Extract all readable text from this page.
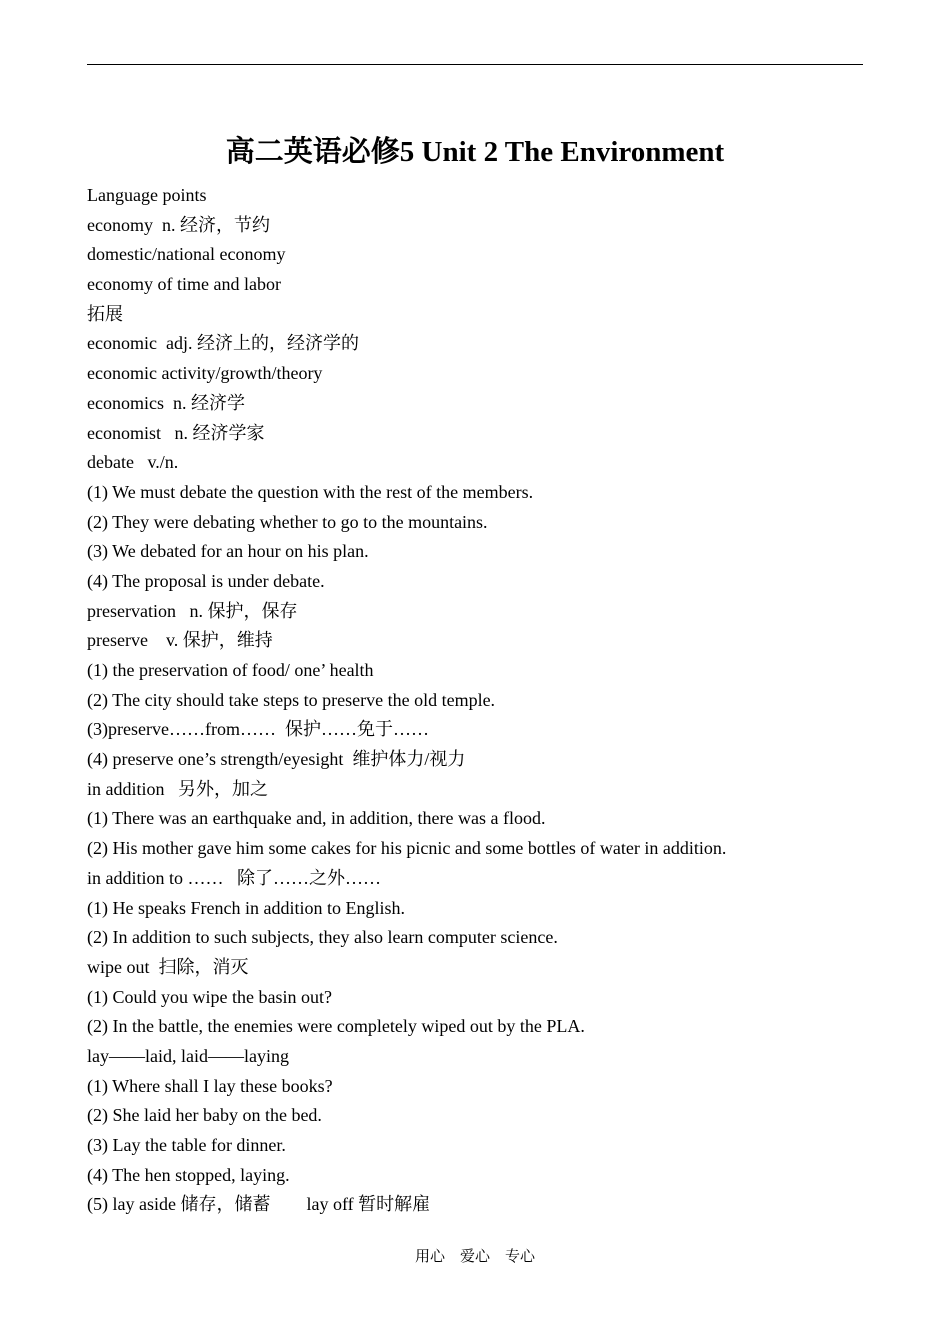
高二英语必修5 Unit 2 The Environment
Language points
economy  n. 经济，节约
domestic/national economy
economy of time and labor
拓展
economic  adj. 经济上的，经济学的
economic activity/growth/theory
economics  n. 经济学
economist   n. 经济学家
debate   v./n.
(1) We must debate the question with the rest of the members.
(2) They were debating whether to go to the mountains.
(3) We debated for an hour on his plan.
(4) The proposal is under debate.
preservation   n. 保护，保存
preserve    v. 保护，维持
(1) the preservation of food/ one’ health
(2) The city should take steps to preserve the old temple.
(3)preserve……from……  保护……免于……
(4) preserve one’s strength/eyesight  维护体力/视力
in addition   另外，加之
(1) There was an earthquake and, in addition, there was a flood.
(2) His mother gave him some cakes for his picnic and some bottles of water in addition.
in addition to ……   除了……之外……
(1) He speaks French in addition to English.
(2) In addition to such subjects, they also learn computer science.
wipe out  扫除，消灭
(1) Could you wipe the basin out?
(2) In the battle, the enemies were completely wiped out by the PLA.
lay——laid, laid——laying
(1) Where shall I lay these books?
(2) She laid her baby on the bed.
(3) Lay the table for dinner.
(4) The hen stopped, laying.
(5) lay aside 储存，储蓄        lay off 暂时解雇
用心    爱心    专心
